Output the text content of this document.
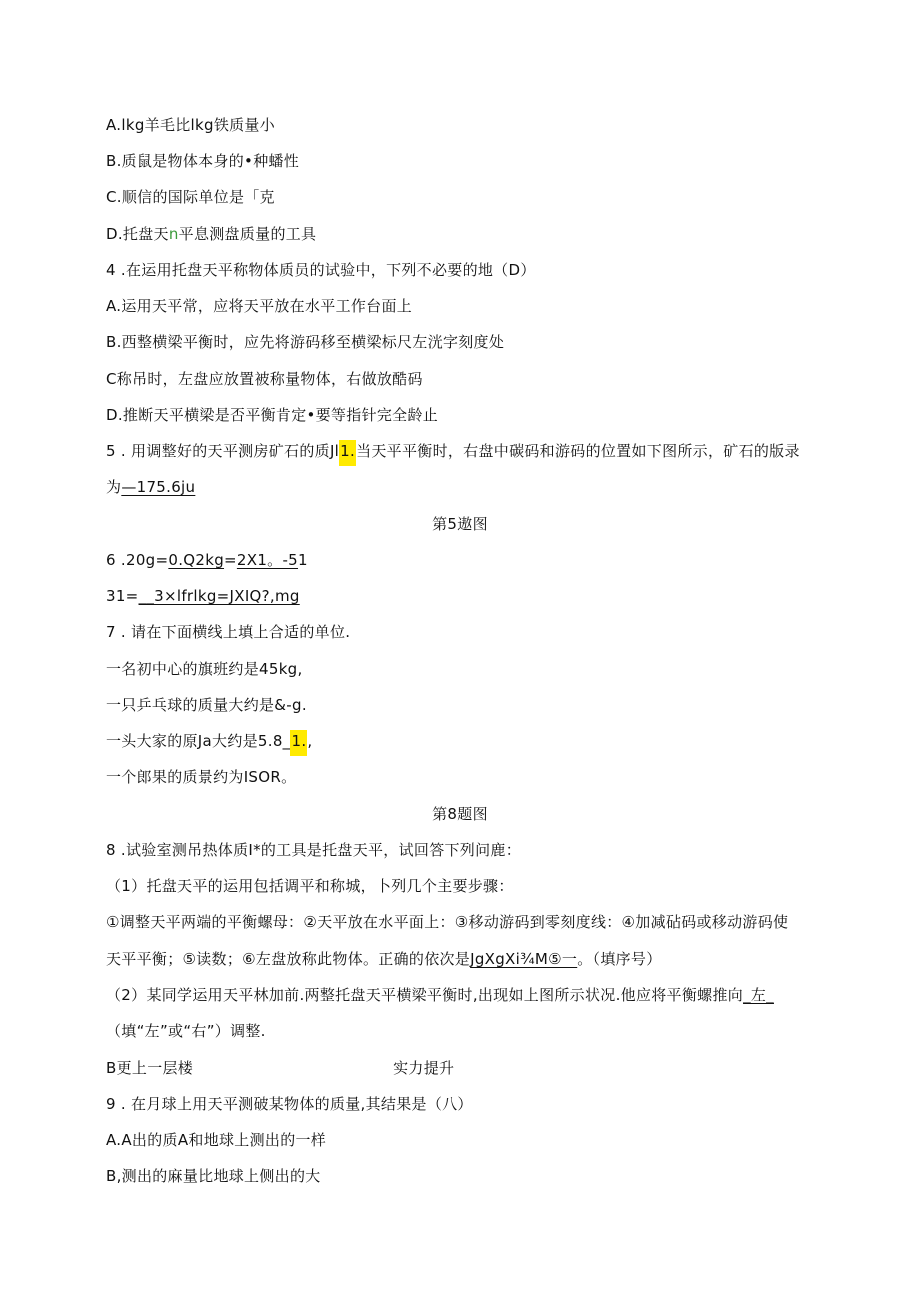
A.lkg羊毛比lkg铁质量小
B.质鼠是物体本身的•种蟠性
C.顺信的国际单位是「克
D.托盘天n平息测盘质量的工具
4 .在运用托盘天平称物体质员的试验中，下列不必要的地（D）
A.运用天平常，应将天平放在水平工作台面上
B.西整横梁平衡时，应先将游码移至横梁标尺左洸字刻度处
C称吊时，左盘应放置被称量物体，右做放酷码
D.推断天平横梁是否平衡肯定•要等指针完全龄止
5 . 用调整好的天平测房矿石的质Jl1.当天平平衡时，右盘中碳码和游码的位置如下图所示，矿石的版录
为—175.6ju
第5遨图
6 .20g=0.Q2kg=2X1。-51
31=__3×lfrlkg=JXIQ?,mg
7 . 请在下面横线上填上合适的单位.
一名初中心的旗班约是45kg,
一只乒乓球的质量大约是&-g.
一头大家的原Ja大约是5.8_1.,
一个郎果的质景约为ISOR。
第8题图
8 .试验室测吊热体质I*的工具是托盘天平，试回答下列问鹿：
（1）托盘天平的运用包括调平和称城，卜列几个主要步骤：
①调整天平两端的平衡螺母：②天平放在水平面上：③移动游码到零刻度线：④加减砧码或移动游码使
天平平衡；⑤读数；⑥左盘放称此物体。正确的依次是JgXgXi¾M⑤一。（填序号）
（2）某同学运用天平林加前.两整托盘天平横梁平衡时,出现如上图所示状况.他应将平衡螺推向_左_
（填“左”或“右”）调整.
B更上一层楼	实力提升
9 . 在月球上用天平测破某物体的质量,其结果是（八）
A.A出的质A和地球上测出的一样
B,测出的麻量比地球上侧出的大
